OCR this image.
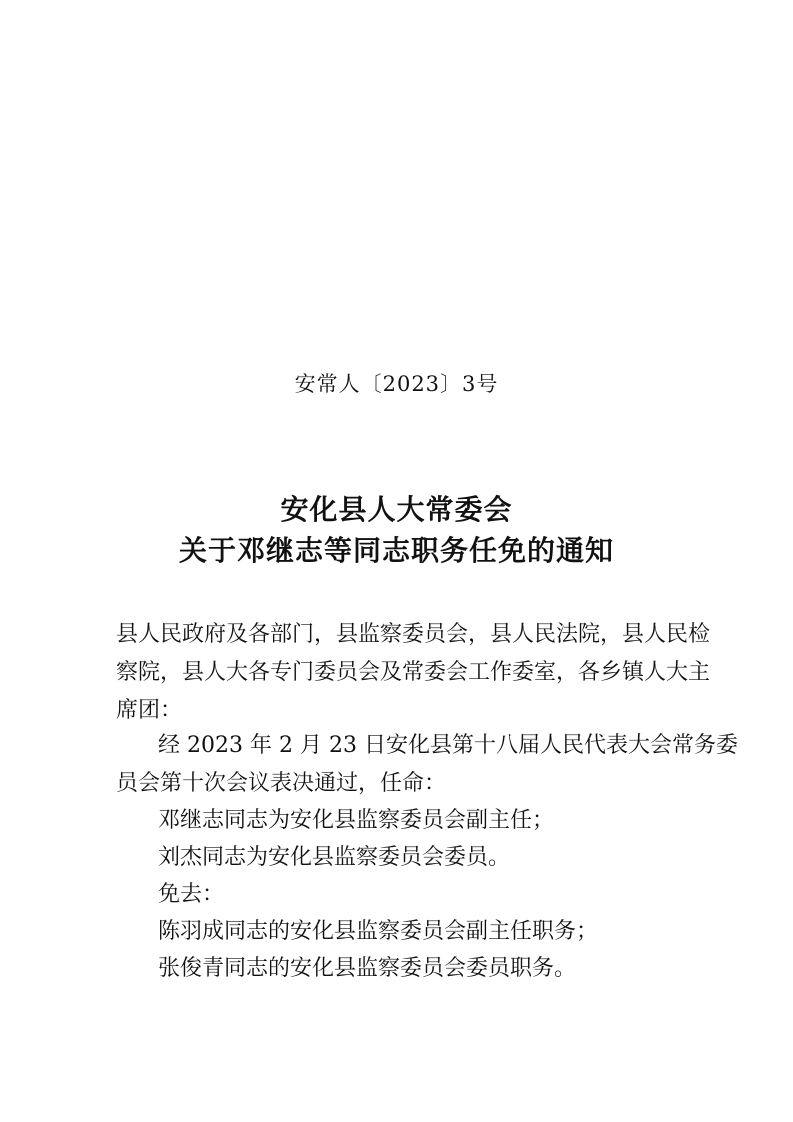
安常人〔2023〕3号
安化县人大常委会
关于邓继志等同志职务任免的通知
县人民政府及各部门，县监察委员会，县人民法院，县人民检
察院，县人大各专门委员会及常委会工作委室，各乡镇人大主
席团：
经 2023 年 2 月 23 日安化县第十八届人民代表大会常务委
员会第十次会议表决通过，任命：
邓继志同志为安化县监察委员会副主任；
刘杰同志为安化县监察委员会委员。
免去：
陈羽成同志的安化县监察委员会副主任职务；
张俊青同志的安化县监察委员会委员职务。
